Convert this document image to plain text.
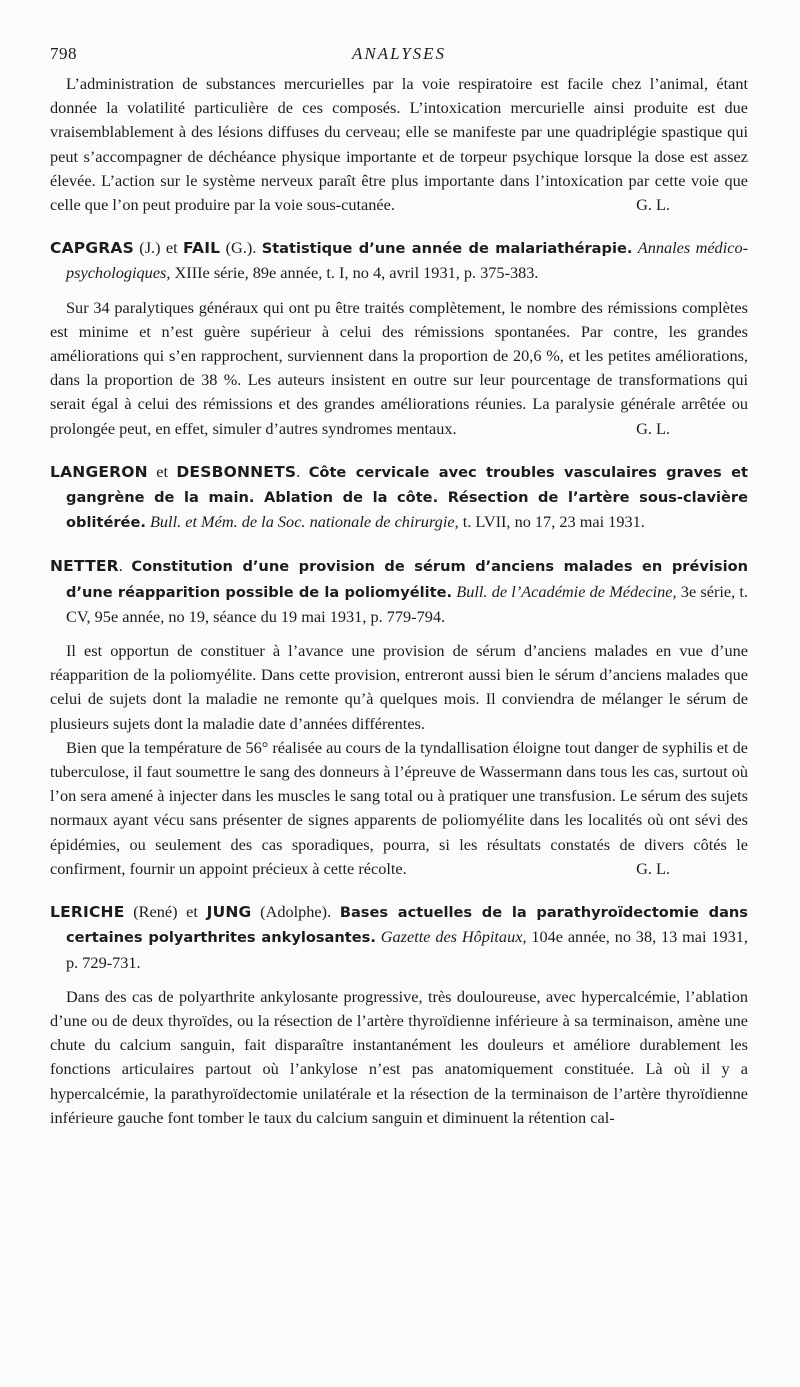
798	ANALYSES

L’administration de substances mercurielles par la voie respiratoire est facile chez l’animal, étant donnée la volatilité particulière de ces composés. L’intoxication mercurielle ainsi produite est due vraisemblablement à des lésions diffuses du cerveau; elle se manifeste par une quadriplégie spastique qui peut s’accompagner de déchéance physique importante et de torpeur psychique lorsque la dose est assez élevée. L’action sur le système nerveux paraît être plus importante dans l’intoxication par cette voie que celle que l’on peut produire par la voie sous-cutanée.	G. L.

CAPGRAS (J.) et FAIL (G.). Statistique d’une année de malariathérapie. Annales médico-psychologiques, XIIIe série, 89e année, t. I, no 4, avril 1931, p. 375-383.

Sur 34 paralytiques généraux qui ont pu être traités complètement, le nombre des rémissions complètes est minime et n’est guère supérieur à celui des rémissions spontanées. Par contre, les grandes améliorations qui s’en rapprochent, surviennent dans la proportion de 20,6 %, et les petites améliorations, dans la proportion de 38 %. Les auteurs insistent en outre sur leur pourcentage de transformations qui serait égal à celui des rémissions et des grandes améliorations réunies. La paralysie générale arrêtée ou prolongée peut, en effet, simuler d’autres syndromes mentaux.	G. L.

LANGERON et DESBONNETS. Côte cervicale avec troubles vasculaires graves et gangrène de la main. Ablation de la côte. Résection de l’artère sous-clavière oblitérée. Bull. et Mém. de la Soc. nationale de chirurgie, t. LVII, no 17, 23 mai 1931.
NETTER. Constitution d’une provision de sérum d’anciens malades en prévision d’une réapparition possible de la poliomyélite. Bull. de l’Académie de Médecine, 3e série, t. CV, 95e année, no 19, séance du 19 mai 1931, p. 779-794.

Il est opportun de constituer à l’avance une provision de sérum d’anciens malades en vue d’une réapparition de la poliomyélite. Dans cette provision, entreront aussi bien le sérum d’anciens malades que celui de sujets dont la maladie ne remonte qu’à quelques mois. Il conviendra de mélanger le sérum de plusieurs sujets dont la maladie date d’années différentes.

Bien que la température de 56° réalisée au cours de la tyndallisation éloigne tout danger de syphilis et de tuberculose, il faut soumettre le sang des donneurs à l’épreuve de Wassermann dans tous les cas, surtout où l’on sera amené à injecter dans les muscles le sang total ou à pratiquer une transfusion. Le sérum des sujets normaux ayant vécu sans présenter de signes apparents de poliomyélite dans les localités où ont sévi des épidémies, ou seulement des cas sporadiques, pourra, si les résultats constatés de divers côtés le confirment, fournir un appoint précieux à cette récolte.	G. L.

LERICHE (René) et JUNG (Adolphe). Bases actuelles de la parathyroïdectomie dans certaines polyarthrites ankylosantes. Gazette des Hôpitaux, 104e année, no 38, 13 mai 1931, p. 729-731.

Dans des cas de polyarthrite ankylosante progressive, très douloureuse, avec hypercalcémie, l’ablation d’une ou de deux thyroïdes, ou la résection de l’artère thyroïdienne inférieure à sa terminaison, amène une chute du calcium sanguin, fait disparaître instantanément les douleurs et améliore durablement les fonctions articulaires partout où l’ankylose n’est pas anatomiquement constituée. Là où il y a hypercalcémie, la parathyroïdectomie unilatérale et la résection de la terminaison de l’artère thyroïdienne inférieure gauche font tomber le taux du calcium sanguin et diminuent la rétention cal-
